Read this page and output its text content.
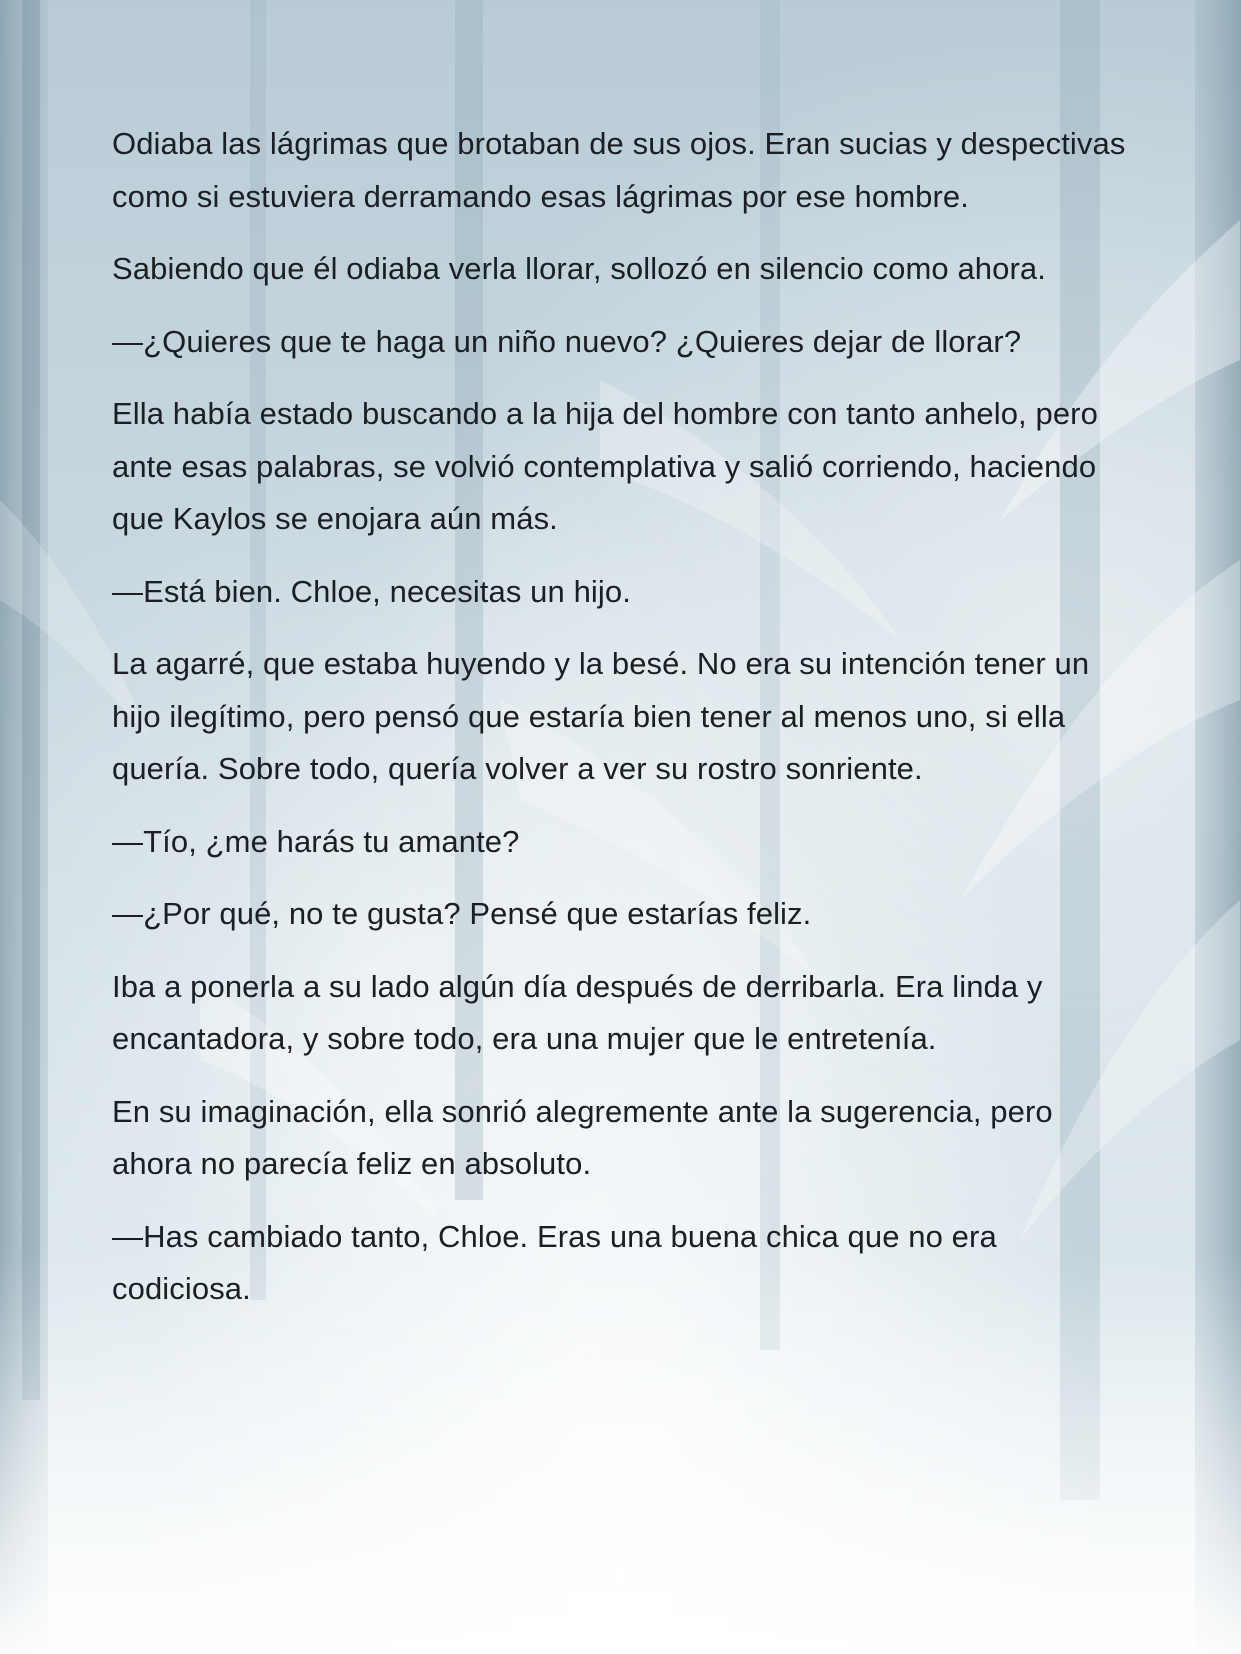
Odiaba las lágrimas que brotaban de sus ojos. Eran sucias y despectivas como si estuviera derramando esas lágrimas por ese hombre.

Sabiendo que él odiaba verla llorar, sollozó en silencio como ahora.

—¿Quieres que te haga un niño nuevo? ¿Quieres dejar de llorar?

Ella había estado buscando a la hija del hombre con tanto anhelo, pero ante esas palabras, se volvió contemplativa y salió corriendo, haciendo que Kaylos se enojara aún más.

—Está bien. Chloe, necesitas un hijo.

La agarré, que estaba huyendo y la besé. No era su intención tener un hijo ilegítimo, pero pensó que estaría bien tener al menos uno, si ella quería. Sobre todo, quería volver a ver su rostro sonriente.

—Tío, ¿me harás tu amante?

—¿Por qué, no te gusta? Pensé que estarías feliz.

Iba a ponerla a su lado algún día después de derribarla. Era linda y encantadora, y sobre todo, era una mujer que le entretenía.

En su imaginación, ella sonrió alegremente ante la sugerencia, pero ahora no parecía feliz en absoluto.

—Has cambiado tanto, Chloe. Eras una buena chica que no era codiciosa.
